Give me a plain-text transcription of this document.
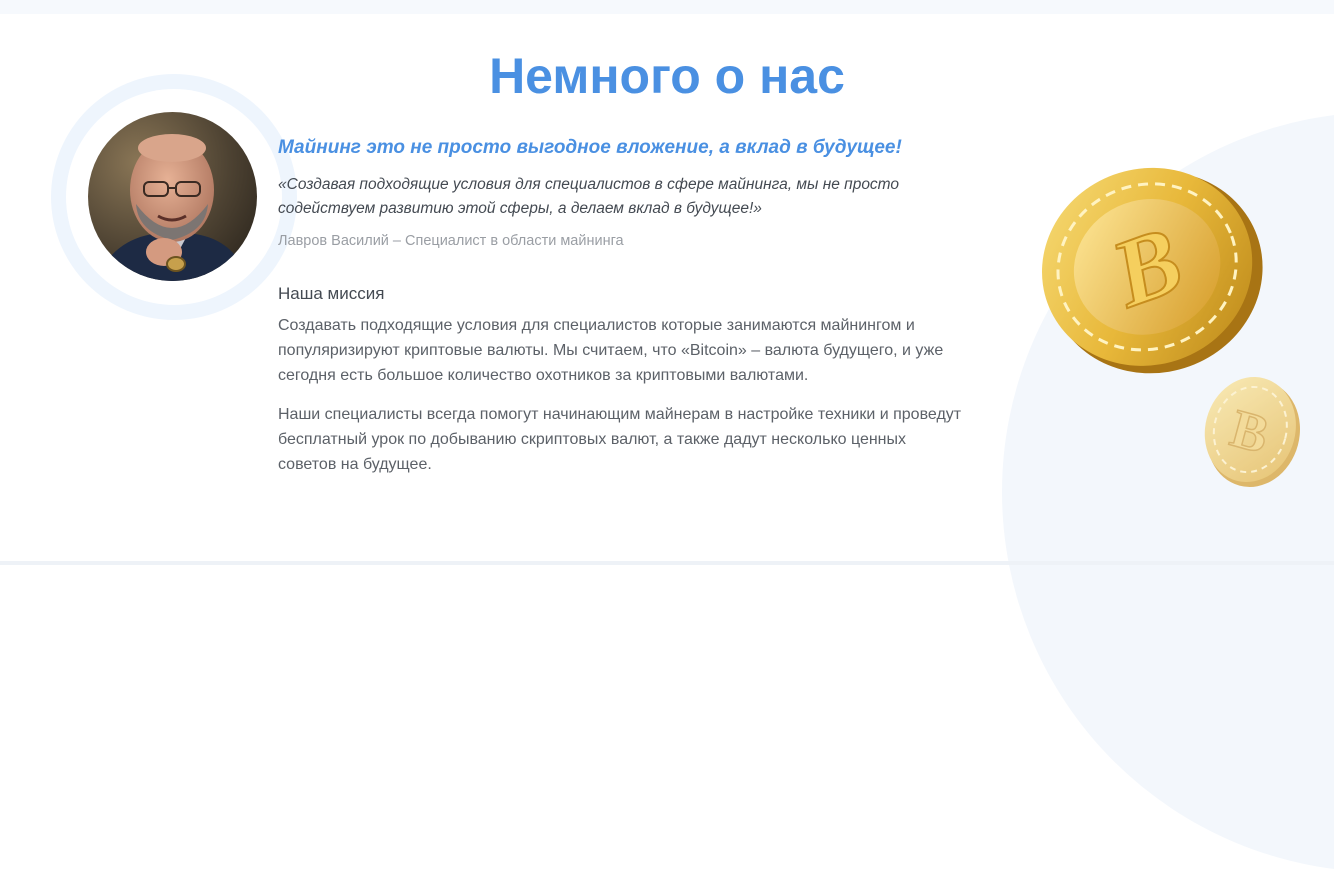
Немного о нас

Майнинг это не просто выгодное вложение, а вклад в будущее!

«Создавая подходящие условия для специалистов в сфере майнинга, мы не просто содействуем развитию этой сферы, а делаем вклад в будущее!»

Лавров Василий – Специалист в области майнинга

Наша миссия

Создавать подходящие условия для специалистов которые занимаются майнингом и популяризируют криптовые валюты. Мы считаем, что «Bitcoin» – валюта будущего, и уже сегодня есть большое количество охотников за криптовыми валютами.

Наши специалисты всегда помогут начинающим майнерам в настройке техники и проведут бесплатный урок по добыванию скриптовых валют, а также дадут несколько ценных советов на будущее.

B
B
